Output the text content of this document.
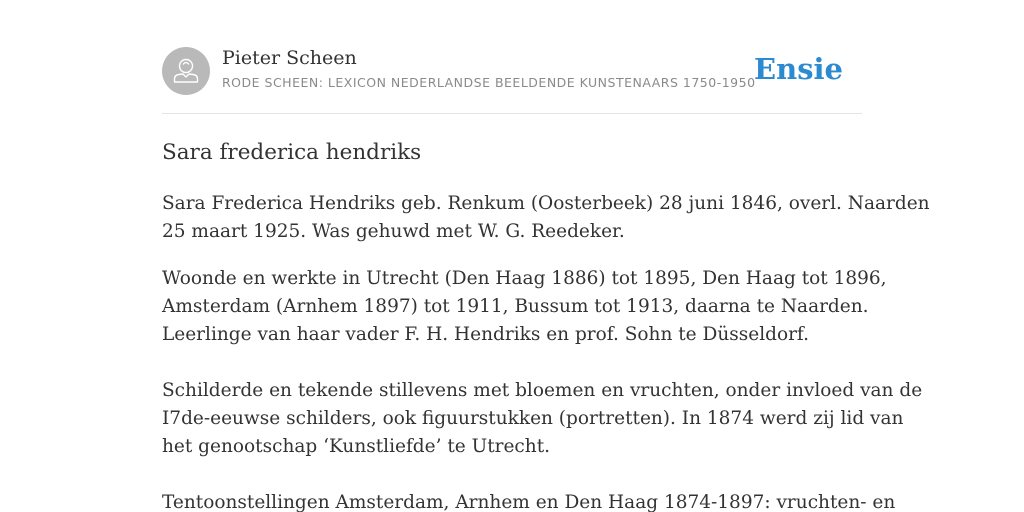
Pieter Scheen
RODE SCHEEN: LEXICON NEDERLANDSE BEELDENDE KUNSTENAARS 1750-1950
Ensie
Sara frederica hendriks

Sara Frederica Hendriks geb. Renkum (Oosterbeek) 28 juni 1846, overl. Naarden
25 maart 1925. Was gehuwd met W. G. Reedeker.

Woonde en werkte in Utrecht (Den Haag 1886) tot 1895, Den Haag tot 1896,
Amsterdam (Arnhem 1897) tot 1911, Bussum tot 1913, daarna te Naarden.
Leerlinge van haar vader F. H. Hendriks en prof. Sohn te Düsseldorf.

Schilderde en tekende stillevens met bloemen en vruchten, onder invloed van de
I7de-eeuwse schilders, ook figuurstukken (portretten). In 1874 werd zij lid van
het genootschap ‘Kunstliefde’ te Utrecht.

Tentoonstellingen Amsterdam, Arnhem en Den Haag 1874-1897: vruchten- en
